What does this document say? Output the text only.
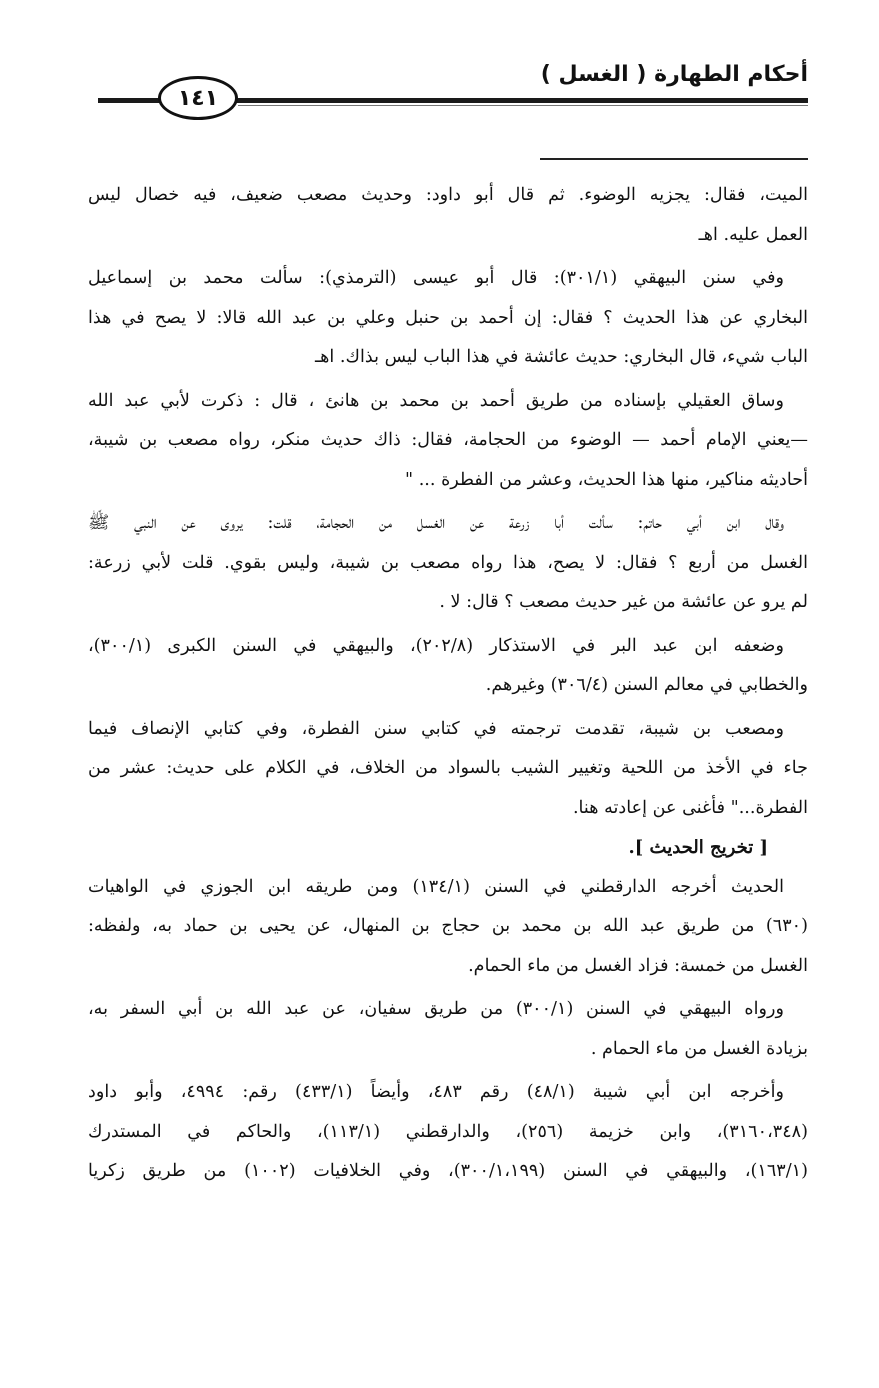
أحكام الطهارة ( الغسل )
١٤١
الميت، فقال: يجزيه الوضوء. ثم قال أبو داود: وحديث مصعب ضعيف، فيه خصال ليس
العمل عليه. اهـ
وفي سنن البيهقي (٣٠١/١): قال أبو عيسى (الترمذي): سألت محمد بن إسماعيل
البخاري عن هذا الحديث ؟ فقال: إن أحمد بن حنبل وعلي بن عبد الله قالا: لا يصح في هذا
الباب شيء، قال البخاري: حديث عائشة في هذا الباب ليس بذاك. اهـ
وساق العقيلي بإسناده من طريق أحمد بن محمد بن هانئ ، قال : ذكرت لأبي عبد الله
—يعني الإمام أحمد — الوضوء من الحجامة، فقال: ذاك حديث منكر، رواه مصعب بن شيبة،
أحاديثه مناكير، منها هذا الحديث، وعشر من الفطرة ... "
وقال ابن أبي حاتم: سألت أبا زرعة عن الغسل من الحجامة، قلت: يروى عن النبي ﷺ
الغسل من أربع ؟ فقال: لا يصح، هذا رواه مصعب بن شيبة، وليس بقوي. قلت لأبي زرعة:
لم يرو عن عائشة من غير حديث مصعب ؟ قال: لا .
وضعفه ابن عبد البر في الاستذكار (٢٠٢/٨)، والبيهقي في السنن الكبرى (٣٠٠/١)،
والخطابي في معالم السنن (٣٠٦/٤) وغيرهم.
ومصعب بن شيبة، تقدمت ترجمته في كتابي سنن الفطرة، وفي كتابي الإنصاف فيما
جاء في الأخذ من اللحية وتغيير الشيب بالسواد من الخلاف، في الكلام على حديث: عشر من
الفطرة..." فأغنى عن إعادته هنا.
[ تخريج الحديث ].
الحديث أخرجه الدارقطني في السنن (١٣٤/١) ومن طريقه ابن الجوزي في الواهيات
(٦٣٠) من طريق عبد الله بن محمد بن حجاج بن المنهال، عن يحيى بن حماد به، ولفظه:
الغسل من خمسة: فزاد الغسل من ماء الحمام.
ورواه البيهقي في السنن (٣٠٠/١) من طريق سفيان، عن عبد الله بن أبي السفر به،
بزيادة الغسل من ماء الحمام .
وأخرجه ابن أبي شيبة (٤٨/١) رقم ٤٨٣، وأيضاً (٤٣٣/١) رقم: ٤٩٩٤، وأبو داود
(٣١٦٠،٣٤٨)، وابن خزيمة (٢٥٦)، والدارقطني (١١٣/١)، والحاكم في المستدرك
(١٦٣/١)، والبيهقي في السنن (٣٠٠/١،١٩٩)، وفي الخلافيات (١٠٠٢) من طريق زكريا
